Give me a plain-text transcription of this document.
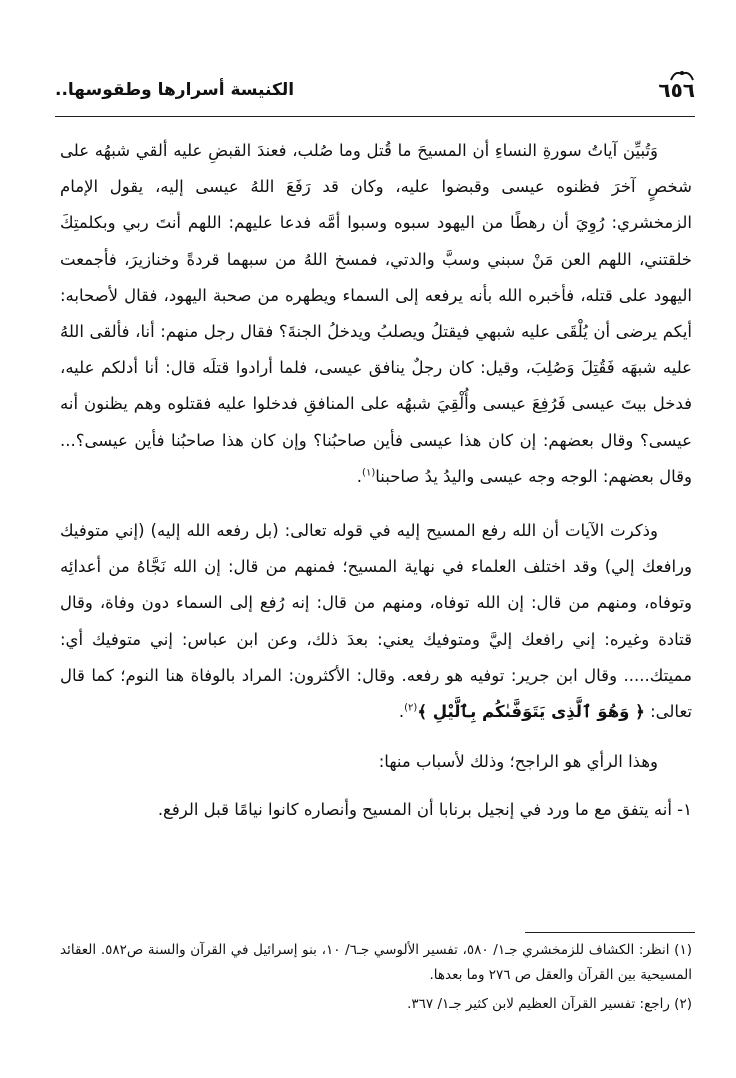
٦٥٦
الكنيسة أسرارها وطقوسها..

وَتُبيِّن آياتُ سورةِ النساءِ أن المسيحَ ما قُتل وما صُلب، فعندَ القبضِ عليه ألقي شبهُه على شخصٍ آخرَ فظنوه عيسى وقبضوا عليه، وكان قد رَفَعَ اللهُ عيسى إليه، يقول الإمام الزمخشري: رُوِيَ أن رهطًا من اليهود سبوه وسبوا أمَّه فدعا عليهم: اللهم أنتَ ربي وبكلمتِكَ خلقتني، اللهم العن مَنْ سبني وسبَّ والدتي، فمسخ اللهُ من سبهما قردةً وخنازيرَ، فأجمعت اليهود على قتله، فأخبره الله بأنه يرفعه إلى السماء ويطهره من صحبة اليهود، فقال لأصحابه: أيكم يرضى أن يُلْقَى عليه شبهي فيقتلُ ويصلبُ ويدخلُ الجنةَ؟ فقال رجل منهم: أنا، فألقى اللهُ عليه شبهَه فَقُتِلَ وَصُلِبَ، وقيل: كان رجلٌ ينافق عيسى، فلما أرادوا قتلَه قال: أنا أدلكم عليه، فدخل بيتَ عيسى فَرُفِعَ عيسى وأُلْقِيَ شبهُه على المنافقِ فدخلوا عليه فقتلوه وهم يظنون أنه عيسى؟ وقال بعضهم: إن كان هذا عيسى فأين صاحبُنا؟ وإن كان هذا صاحبُنا فأين عيسى؟... وقال بعضهم: الوجه وجه عيسى واليدُ يدُ صاحبنا$^{(١)}$.

وذكرت الآيات أن الله رفع المسيح إليه في قوله تعالى: (بل رفعه الله إليه) (إني متوفيك ورافعك إلي) وقد اختلف العلماء في نهاية المسيح؛ فمنهم من قال: إن الله نَجَّاهُ من أعدائِه وتوفاه، ومنهم من قال: إن الله توفاه، ومنهم من قال: إنه رُفع إلى السماء دون وفاة، وقال قتادة وغيره: إني رافعك إليَّ ومتوفيك يعني: بعدَ ذلك، وعن ابن عباس: إني متوفيك أي: مميتك..... وقال ابن جرير: توفيه هو رفعه. وقال: الأكثرون: المراد بالوفاة هنا النوم؛ كما قال تعالى: ﴿ وَهُوَ ٱلَّذِى يَتَوَفَّىٰكُم بِٱلَّيْلِ ﴾$^{(٢)}$.

وهذا الرأي هو الراجح؛ وذلك لأسباب منها:

١- أنه يتفق مع ما ورد في إنجيل برنابا أن المسيح وأنصاره كانوا نيامًا قبل الرفع.

(١) انظر: الكشاف للزمخشري جـ١/ ٥٨٠، تفسير الألوسي جـ٦/ ١٠، بنو إسرائيل في القرآن والسنة ص٥٨٢. العقائد المسيحية بين القرآن والعقل ص ٢٧٦ وما بعدها.

(٢) راجع: تفسير القرآن العظيم لابن كثير جـ١/ ٣٦٧.
